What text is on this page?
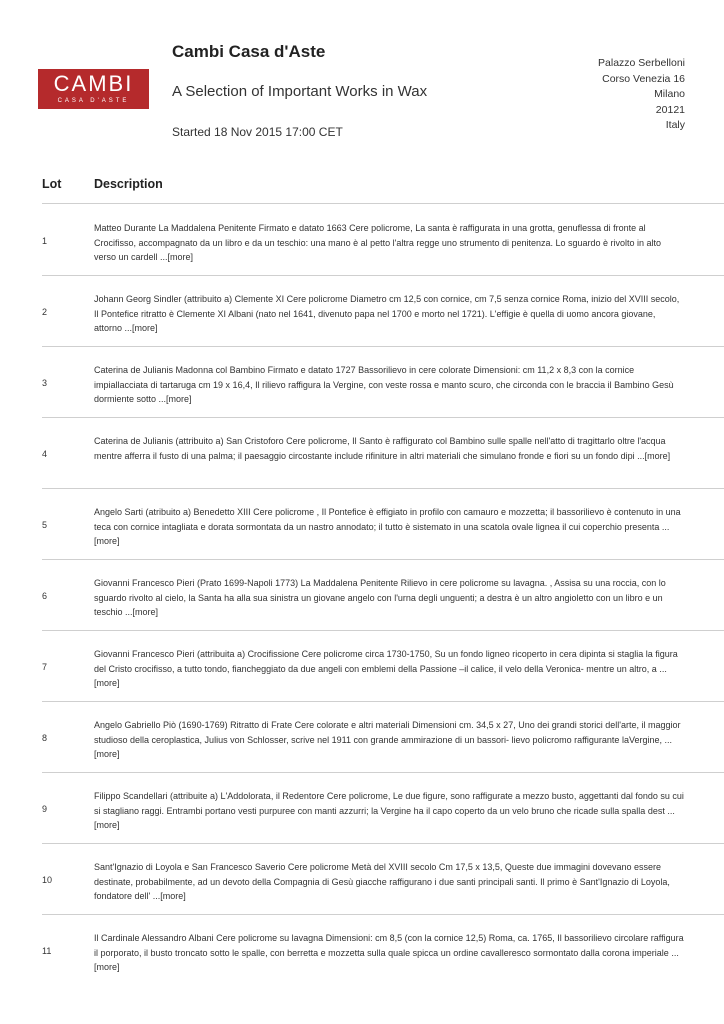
CAMBI
CASA D'ASTE
Cambi Casa d'Aste
A Selection of Important Works in Wax
Started 18 Nov 2015 17:00 CET
Palazzo Serbelloni
Corso Venezia 16
Milano
20121
Italy
Lot	Description
1
Matteo Durante La Maddalena Penitente Firmato e datato 1663 Cere policrome, La santa è raffigurata in una grotta, genuflessa di fronte al Crocifisso, accompagnato da un libro e da un teschio: una mano è al petto l'altra regge uno strumento di penitenza. Lo sguardo è rivolto in alto verso un cardell ...[more]
2
Johann Georg Sindler (attribuito a) Clemente XI Cere policrome Diametro cm 12,5 con cornice, cm 7,5 senza cornice Roma, inizio del XVIII secolo, Il Pontefice ritratto è Clemente XI Albani (nato nel 1641, divenuto papa nel 1700 e morto nel 1721). L'effigie è quella di uomo ancora giovane, attorno ...[more]
3
Caterina de Julianis Madonna col Bambino Firmato e datato 1727 Bassorilievo in cere colorate Dimensioni: cm 11,2 x 8,3 con la cornice impiallacciata di tartaruga cm 19 x 16,4, Il rilievo raffigura la Vergine, con veste rossa e manto scuro, che circonda con le braccia il Bambino Gesù dormiente sotto ...[more]
4
Caterina de Julianis (attribuito a) San Cristoforo Cere policrome, Il Santo è raffigurato col Bambino sulle spalle nell'atto di tragittarlo oltre l'acqua mentre afferra il fusto di una palma; il paesaggio circostante include rifiniture in altri materiali che simulano fronde e fiori su un fondo dipi ...[more]
5
Angelo Sarti (atribuito a) Benedetto XIII Cere policrome , Il Pontefice è effigiato in profilo con camauro e mozzetta; il bassorilievo è contenuto in una teca con cornice intagliata e dorata sormontata da un nastro annodato; il tutto è sistemato in una scatola ovale lignea il cui coperchio presenta ...[more]
6
Giovanni Francesco Pieri (Prato 1699-Napoli 1773) La Maddalena Penitente Rilievo in cere policrome su lavagna. , Assisa su una roccia, con lo sguardo rivolto al cielo, la Santa ha alla sua sinistra un giovane angelo con l'urna degli unguenti; a destra è un altro angioletto con un libro e un teschio ...[more]
7
Giovanni Francesco Pieri (attribuita a) Crocifissione Cere policrome circa 1730-1750, Su un fondo ligneo ricoperto in cera dipinta si staglia la figura del Cristo crocifisso, a tutto tondo, fiancheggiato da due angeli con emblemi della Passione –il calice, il velo della Veronica- mentre un altro, a ...[more]
8
Angelo Gabriello Piò (1690-1769) Ritratto di Frate Cere colorate e altri materiali Dimensioni cm. 34,5 x 27, Uno dei grandi storici dell'arte, il maggior studioso della ceroplastica, Julius von Schlosser, scrive nel 1911 con grande ammirazione di un bassori- lievo policromo raffigurante laVergine, ...[more]
9
Filippo Scandellari (attribuite a) L'Addolorata, il Redentore Cere policrome, Le due figure, sono raffigurate a mezzo busto, aggettanti dal fondo su cui si stagliano raggi. Entrambi portano vesti purpuree con manti azzurri; la Vergine ha il capo coperto da un velo bruno che ricade sulla spalla dest ...[more]
10
Sant'Ignazio di Loyola e San Francesco Saverio Cere policrome Metà del XVIII secolo Cm 17,5 x 13,5, Queste due immagini dovevano essere destinate, probabilmente, ad un devoto della Compagnia di Gesù giacche raffigurano i due santi principali santi. Il primo è Sant'Ignazio di Loyola, fondatore dell' ...[more]
11
Il Cardinale Alessandro Albani Cere policrome su lavagna Dimensioni: cm 8,5 (con la cornice 12,5) Roma, ca. 1765, Il bassorilievo circolare raffigura il porporato, il busto troncato sotto le spalle, con berretta e mozzetta sulla quale spicca un ordine cavalleresco sormontato dalla corona imperiale ...[more]
